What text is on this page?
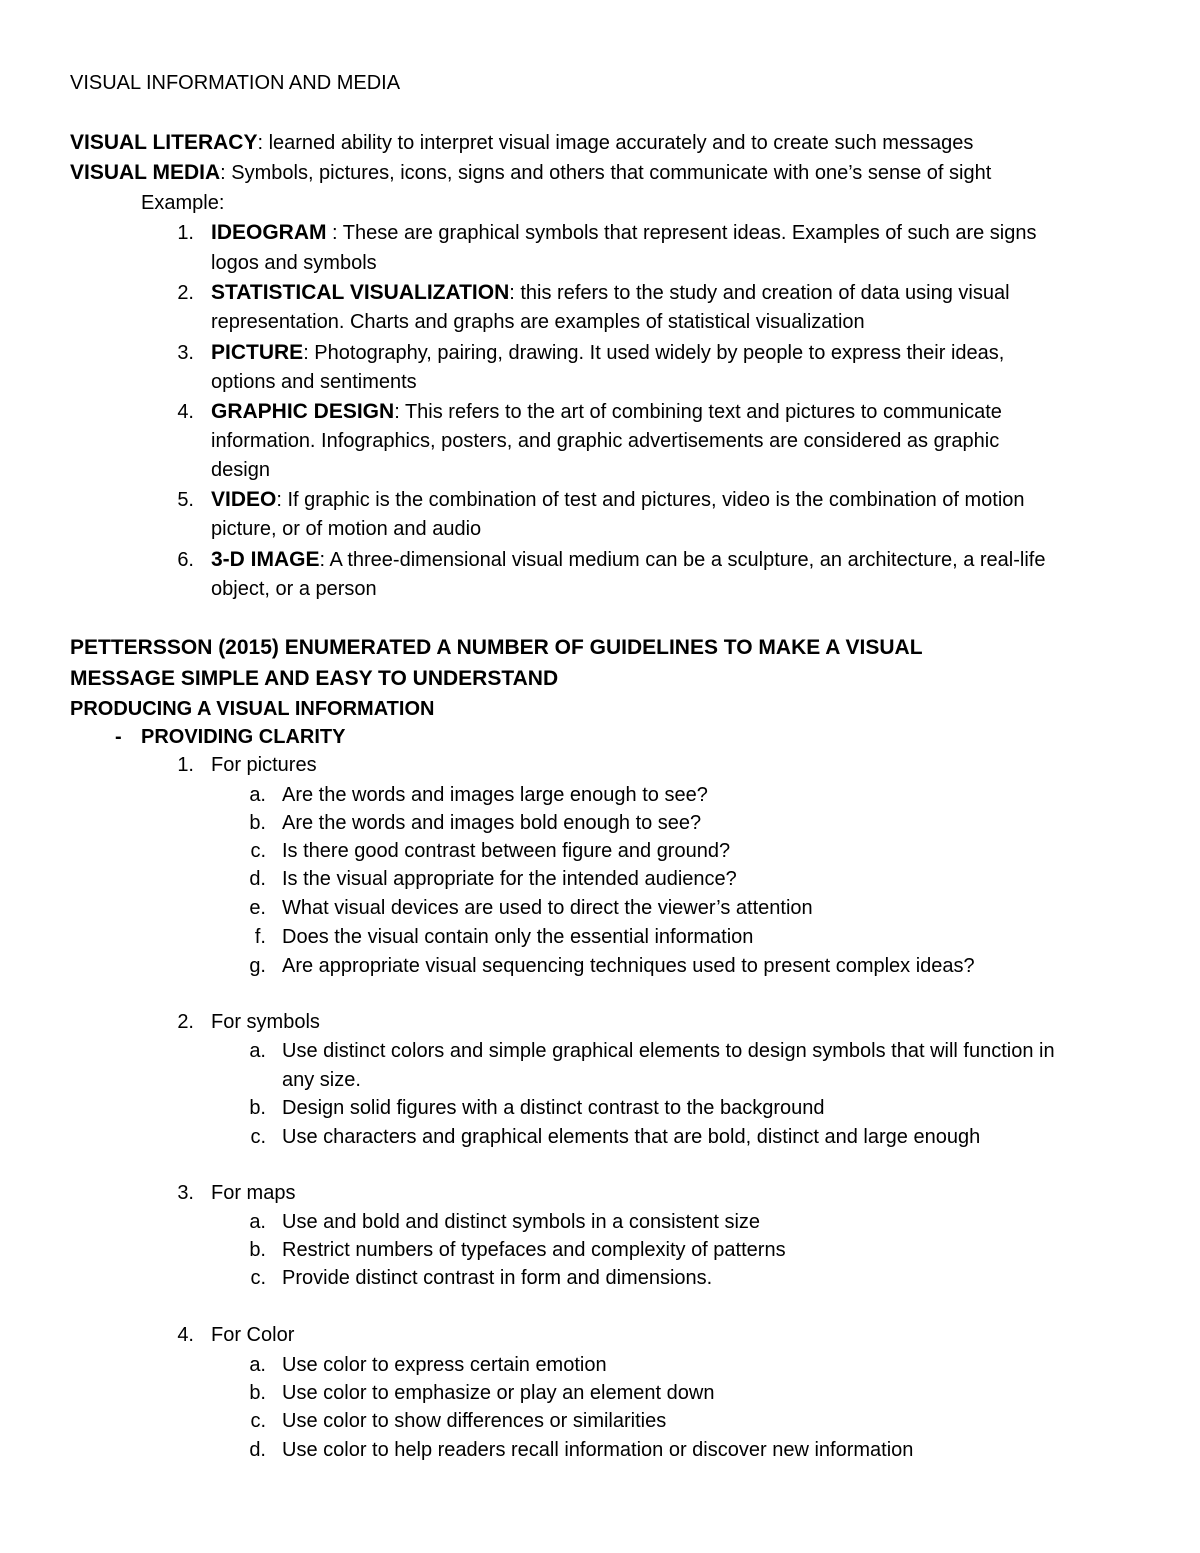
VISUAL INFORMATION AND MEDIA
VISUAL LITERACY: learned ability to interpret visual image accurately and to create such messages
VISUAL MEDIA: Symbols, pictures, icons, signs and others that communicate with one’s sense of sight
Example:
1. IDEOGRAM : These are graphical symbols that represent ideas. Examples of such are signs
logos and symbols
2. STATISTICAL VISUALIZATION: this refers to the study and creation of data using visual
representation. Charts and graphs are examples of statistical visualization
3. PICTURE: Photography, pairing, drawing. It used widely by people to express their ideas,
options and sentiments
4. GRAPHIC DESIGN: This refers to the art of combining text and pictures to communicate
information. Infographics, posters, and graphic advertisements are considered as graphic
design
5. VIDEO: If graphic is the combination of test and pictures, video is the combination of motion
picture, or of motion and audio
6. 3-D IMAGE: A three-dimensional visual medium can be a sculpture, an architecture, a real-life
object, or a person
PETTERSSON (2015) ENUMERATED A NUMBER OF GUIDELINES TO MAKE A VISUAL
MESSAGE SIMPLE AND EASY TO UNDERSTAND
PRODUCING A VISUAL INFORMATION
- PROVIDING CLARITY
1. For pictures
a. Are the words and images large enough to see?
b. Are the words and images bold enough to see?
c. Is there good contrast between figure and ground?
d. Is the visual appropriate for the intended audience?
e. What visual devices are used to direct the viewer’s attention
f. Does the visual contain only the essential information
g. Are appropriate visual sequencing techniques used to present complex ideas?
2. For symbols
a. Use distinct colors and simple graphical elements to design symbols that will function in
any size.
b. Design solid figures with a distinct contrast to the background
c. Use characters and graphical elements that are bold, distinct and large enough
3. For maps
a. Use and bold and distinct symbols in a consistent size
b. Restrict numbers of typefaces and complexity of patterns
c. Provide distinct contrast in form and dimensions.
4. For Color
a. Use color to express certain emotion
b. Use color to emphasize or play an element down
c. Use color to show differences or similarities
d. Use color to help readers recall information or discover new information
